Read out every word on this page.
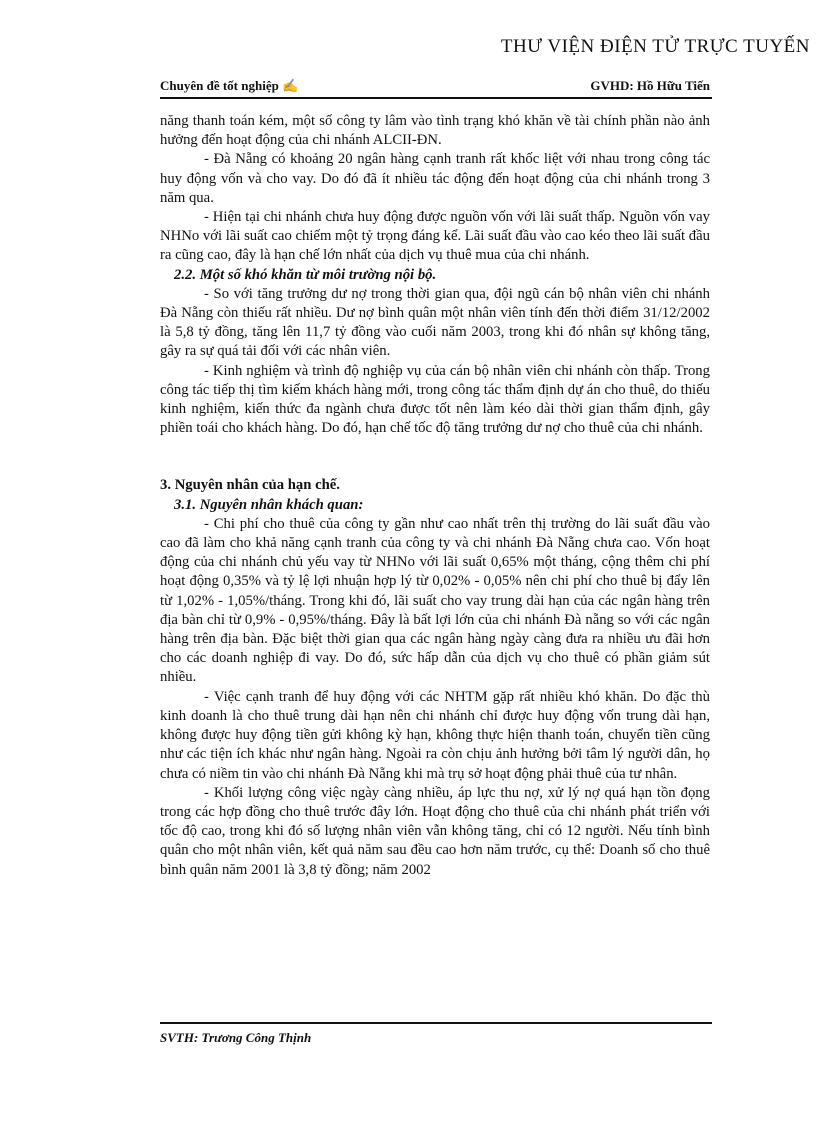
THƯ VIỆN ĐIỆN TỬ TRỰC TUYẾN
Chuyên đề tốt nghiệp ✍	GVHD: Hồ Hữu Tiến

năng thanh toán kém, một số công ty lâm vào tình trạng khó khăn về tài chính phần nào ảnh hưởng đến hoạt động của chi nhánh ALCII-ĐN.

- Đà Nẵng có khoảng 20 ngân hàng cạnh tranh rất khốc liệt với nhau trong công tác huy động vốn và cho vay. Do đó đã ít nhiều tác động đến hoạt động của chi nhánh trong 3 năm qua.

- Hiện tại chi nhánh chưa huy động được nguồn vốn với lãi suất thấp. Nguồn vốn vay NHNo với lãi suất cao chiếm một tỷ trọng đáng kể. Lãi suất đầu vào cao kéo theo lãi suất đầu ra cũng cao, đây là hạn chế lớn nhất của dịch vụ thuê mua của chi nhánh.

2.2. Một số khó khăn từ môi trường nội bộ.

- So với tăng trưởng dư nợ trong thời gian qua, đội ngũ cán bộ nhân viên chi nhánh Đà Nẵng còn thiếu rất nhiều. Dư nợ bình quân một nhân viên tính đến thời điểm 31/12/2002 là 5,8 tỷ đồng, tăng lên 11,7 tỷ đồng vào cuối năm 2003, trong khi đó nhân sự không tăng, gây ra sự quá tải đối với các nhân viên.

- Kinh nghiệm và trình độ nghiệp vụ của cán bộ nhân viên chi nhánh còn thấp. Trong công tác tiếp thị tìm kiếm khách hàng mới, trong công tác thẩm định dự án cho thuê, do thiếu kinh nghiệm, kiến thức đa ngành chưa được tốt nên làm kéo dài thời gian thẩm định, gây phiền toái cho khách hàng. Do đó, hạn chế tốc độ tăng trưởng dư nợ cho thuê của chi nhánh.

3. Nguyên nhân của hạn chế.

3.1. Nguyên nhân khách quan:

- Chi phí cho thuê của công ty gần như cao nhất trên thị trường do lãi suất đầu vào cao đã làm cho khả năng cạnh tranh của công ty và chi nhánh Đà Nẵng chưa cao. Vốn hoạt động của chi nhánh chủ yếu vay từ NHNo với lãi suất 0,65% một tháng, cộng thêm chi phí hoạt động 0,35% và tỷ lệ lợi nhuận hợp lý từ 0,02% - 0,05% nên chi phí cho thuê bị đẩy lên từ 1,02% - 1,05%/tháng. Trong khi đó, lãi suất cho vay trung dài hạn của các ngân hàng trên địa bàn chỉ từ 0,9% - 0,95%/tháng. Đây là bất lợi lớn của chi nhánh Đà nẵng so với các ngân hàng trên địa bàn. Đặc biệt thời gian qua các ngân hàng ngày càng đưa ra nhiều ưu đãi hơn cho các doanh nghiệp đi vay. Do đó, sức hấp dẫn của dịch vụ cho thuê có phần giảm sút nhiều.

- Việc cạnh tranh để huy động với các NHTM gặp rất nhiều khó khăn. Do đặc thù kinh doanh là cho thuê trung dài hạn nên chi nhánh chỉ được huy động vốn trung dài hạn, không được huy động tiền gửi không kỳ hạn, không thực hiện thanh toán, chuyển tiền cũng như các tiện ích khác như ngân hàng. Ngoài ra còn chịu ảnh hưởng bởi tâm lý người dân, họ chưa có niềm tin vào chi nhánh Đà Nẵng khi mà trụ sở hoạt động phải thuê của tư nhân.

- Khối lượng công việc ngày càng nhiều, áp lực thu nợ, xử lý nợ quá hạn tồn đọng trong các hợp đồng cho thuê trước đây lớn. Hoạt động cho thuê của chi nhánh phát triển với tốc độ cao, trong khi đó số lượng nhân viên vẫn không tăng, chỉ có 12 người. Nếu tính bình quân cho một nhân viên, kết quả năm sau đều cao hơn năm trước, cụ thể: Doanh số cho thuê bình quân năm 2001 là 3,8 tỷ đồng; năm 2002

SVTH: Trương Công Thịnh
